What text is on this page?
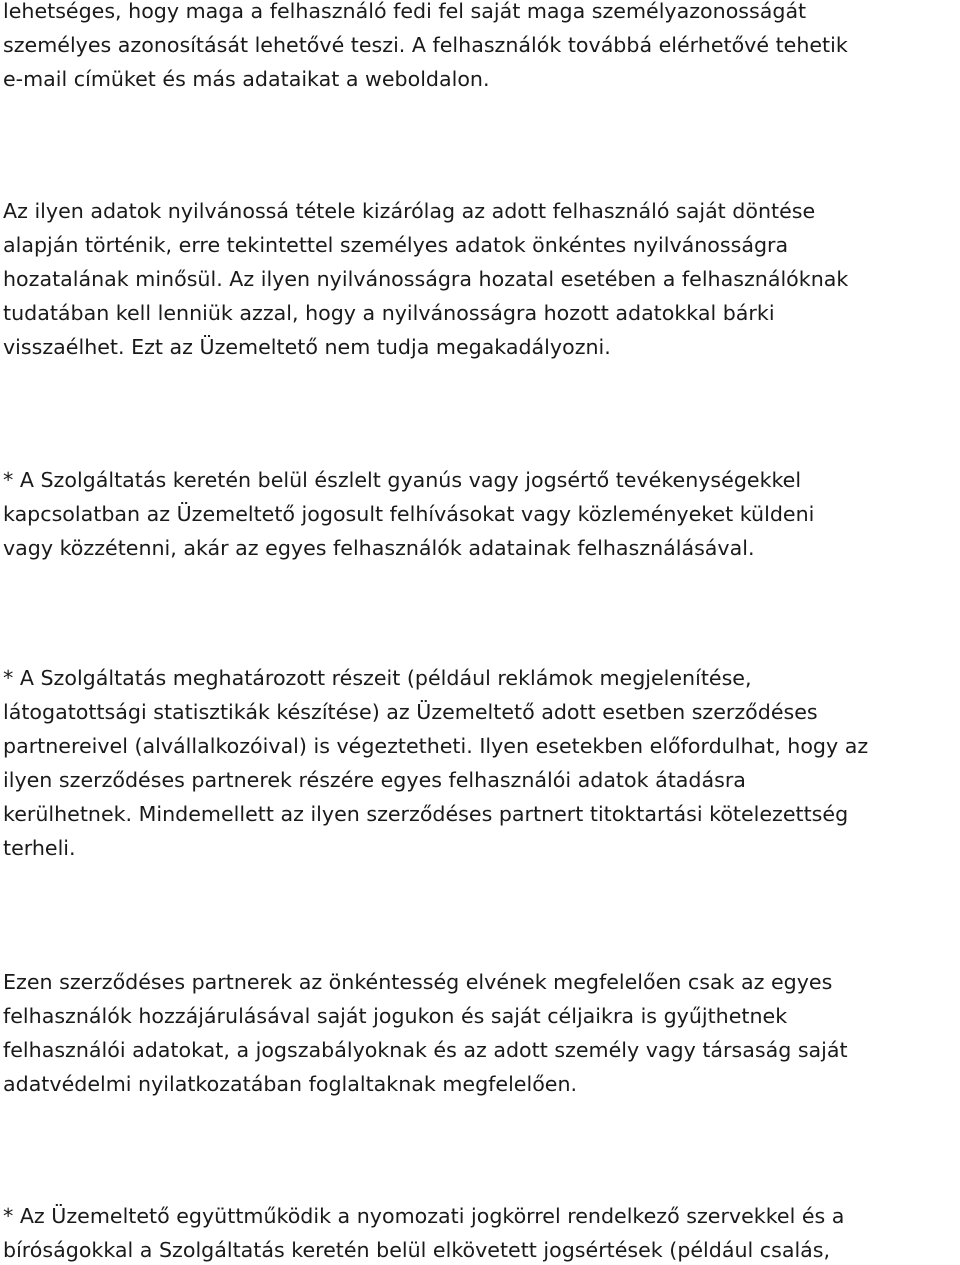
lehetséges, hogy maga a felhasználó fedi fel saját maga személyazonosságát
személyes azonosítását lehetővé teszi. A felhasználók továbbá elérhetővé tehetik
e-mail címüket és más adataikat a weboldalon.

Az ilyen adatok nyilvánossá tétele kizárólag az adott felhasználó saját döntése
alapján történik, erre tekintettel személyes adatok önkéntes nyilvánosságra
hozatalának minősül. Az ilyen nyilvánosságra hozatal esetében a felhasználóknak
tudatában kell lenniük azzal, hogy a nyilvánosságra hozott adatokkal bárki
visszaélhet. Ezt az Üzemeltető nem tudja megakadályozni.

* A Szolgáltatás keretén belül észlelt gyanús vagy jogsértő tevékenységekkel
kapcsolatban az Üzemeltető jogosult felhívásokat vagy közleményeket küldeni
vagy közzétenni, akár az egyes felhasználók adatainak felhasználásával.

* A Szolgáltatás meghatározott részeit (például reklámok megjelenítése,
látogatottsági statisztikák készítése) az Üzemeltető adott esetben szerződéses
partnereivel (alvállalkozóival) is végeztetheti. Ilyen esetekben előfordulhat, hogy az
ilyen szerződéses partnerek részére egyes felhasználói adatok átadásra
kerülhetnek. Mindemellett az ilyen szerződéses partnert titoktartási kötelezettség
terheli.

Ezen szerződéses partnerek az önkéntesség elvének megfelelően csak az egyes
felhasználók hozzájárulásával saját jogukon és saját céljaikra is gyűjthetnek
felhasználói adatokat, a jogszabályoknak és az adott személy vagy társaság saját
adatvédelmi nyilatkozatában foglaltaknak megfelelően.

* Az Üzemeltető együttműködik a nyomozati jogkörrel rendelkező szervekkel és a
bíróságokkal a Szolgáltatás keretén belül elkövetett jogsértések (például csalás,
